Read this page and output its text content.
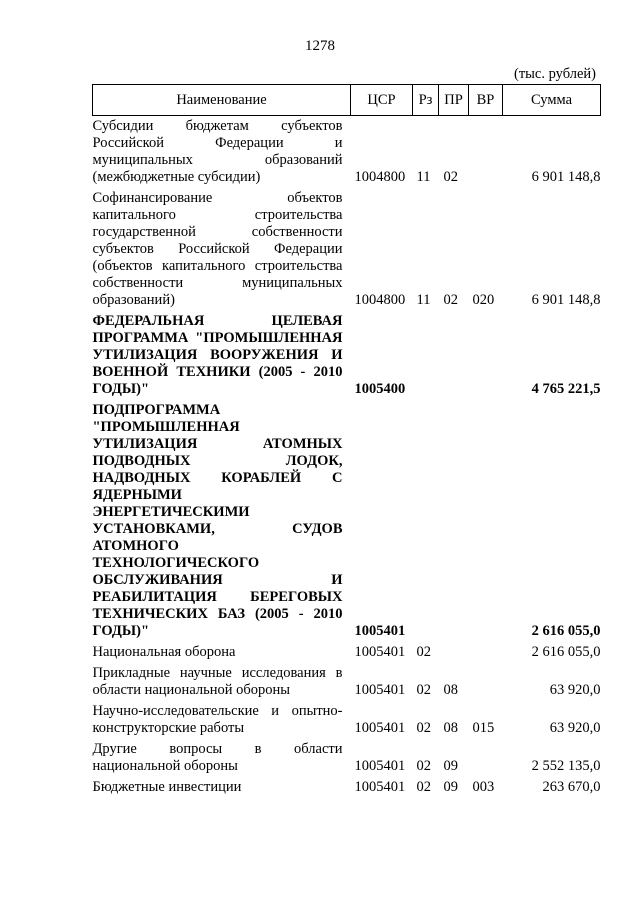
1278
(тыс. рублей)
Наименование	ЦСР	Рз	ПР	ВР	Сумма

Субсидии бюджетам субъектов Российской Федерации и муниципальных образований (межбюджетные субсидии)	1004800	11	02		6 901 148,8

Софинансирование объектов капитального строительства государственной собственности субъектов Российской Федерации (объектов капитального строительства собственности муниципальных образований)	1004800	11	02	020	6 901 148,8

ФЕДЕРАЛЬНАЯ ЦЕЛЕВАЯ ПРОГРАММА "ПРОМЫШЛЕННАЯ УТИЛИЗАЦИЯ ВООРУЖЕНИЯ И ВОЕННОЙ ТЕХНИКИ (2005 - 2010 ГОДЫ)"	1005400				4 765 221,5

ПОДПРОГРАММА "ПРОМЫШЛЕННАЯ УТИЛИЗАЦИЯ АТОМНЫХ ПОДВОДНЫХ ЛОДОК, НАДВОДНЫХ КОРАБЛЕЙ С ЯДЕРНЫМИ ЭНЕРГЕТИЧЕСКИМИ УСТАНОВКАМИ, СУДОВ АТОМНОГО ТЕХНОЛОГИЧЕСКОГО ОБСЛУЖИВАНИЯ И РЕАБИЛИТАЦИЯ БЕРЕГОВЫХ ТЕХНИЧЕСКИХ БАЗ (2005 - 2010 ГОДЫ)"	1005401				2 616 055,0

Национальная оборона	1005401	02			2 616 055,0

Прикладные научные исследования в области национальной обороны	1005401	02	08		63 920,0

Научно-исследовательские и опытно-конструкторские работы	1005401	02	08	015	63 920,0

Другие вопросы в области национальной обороны	1005401	02	09		2 552 135,0

Бюджетные инвестиции	1005401	02	09	003	263 670,0
